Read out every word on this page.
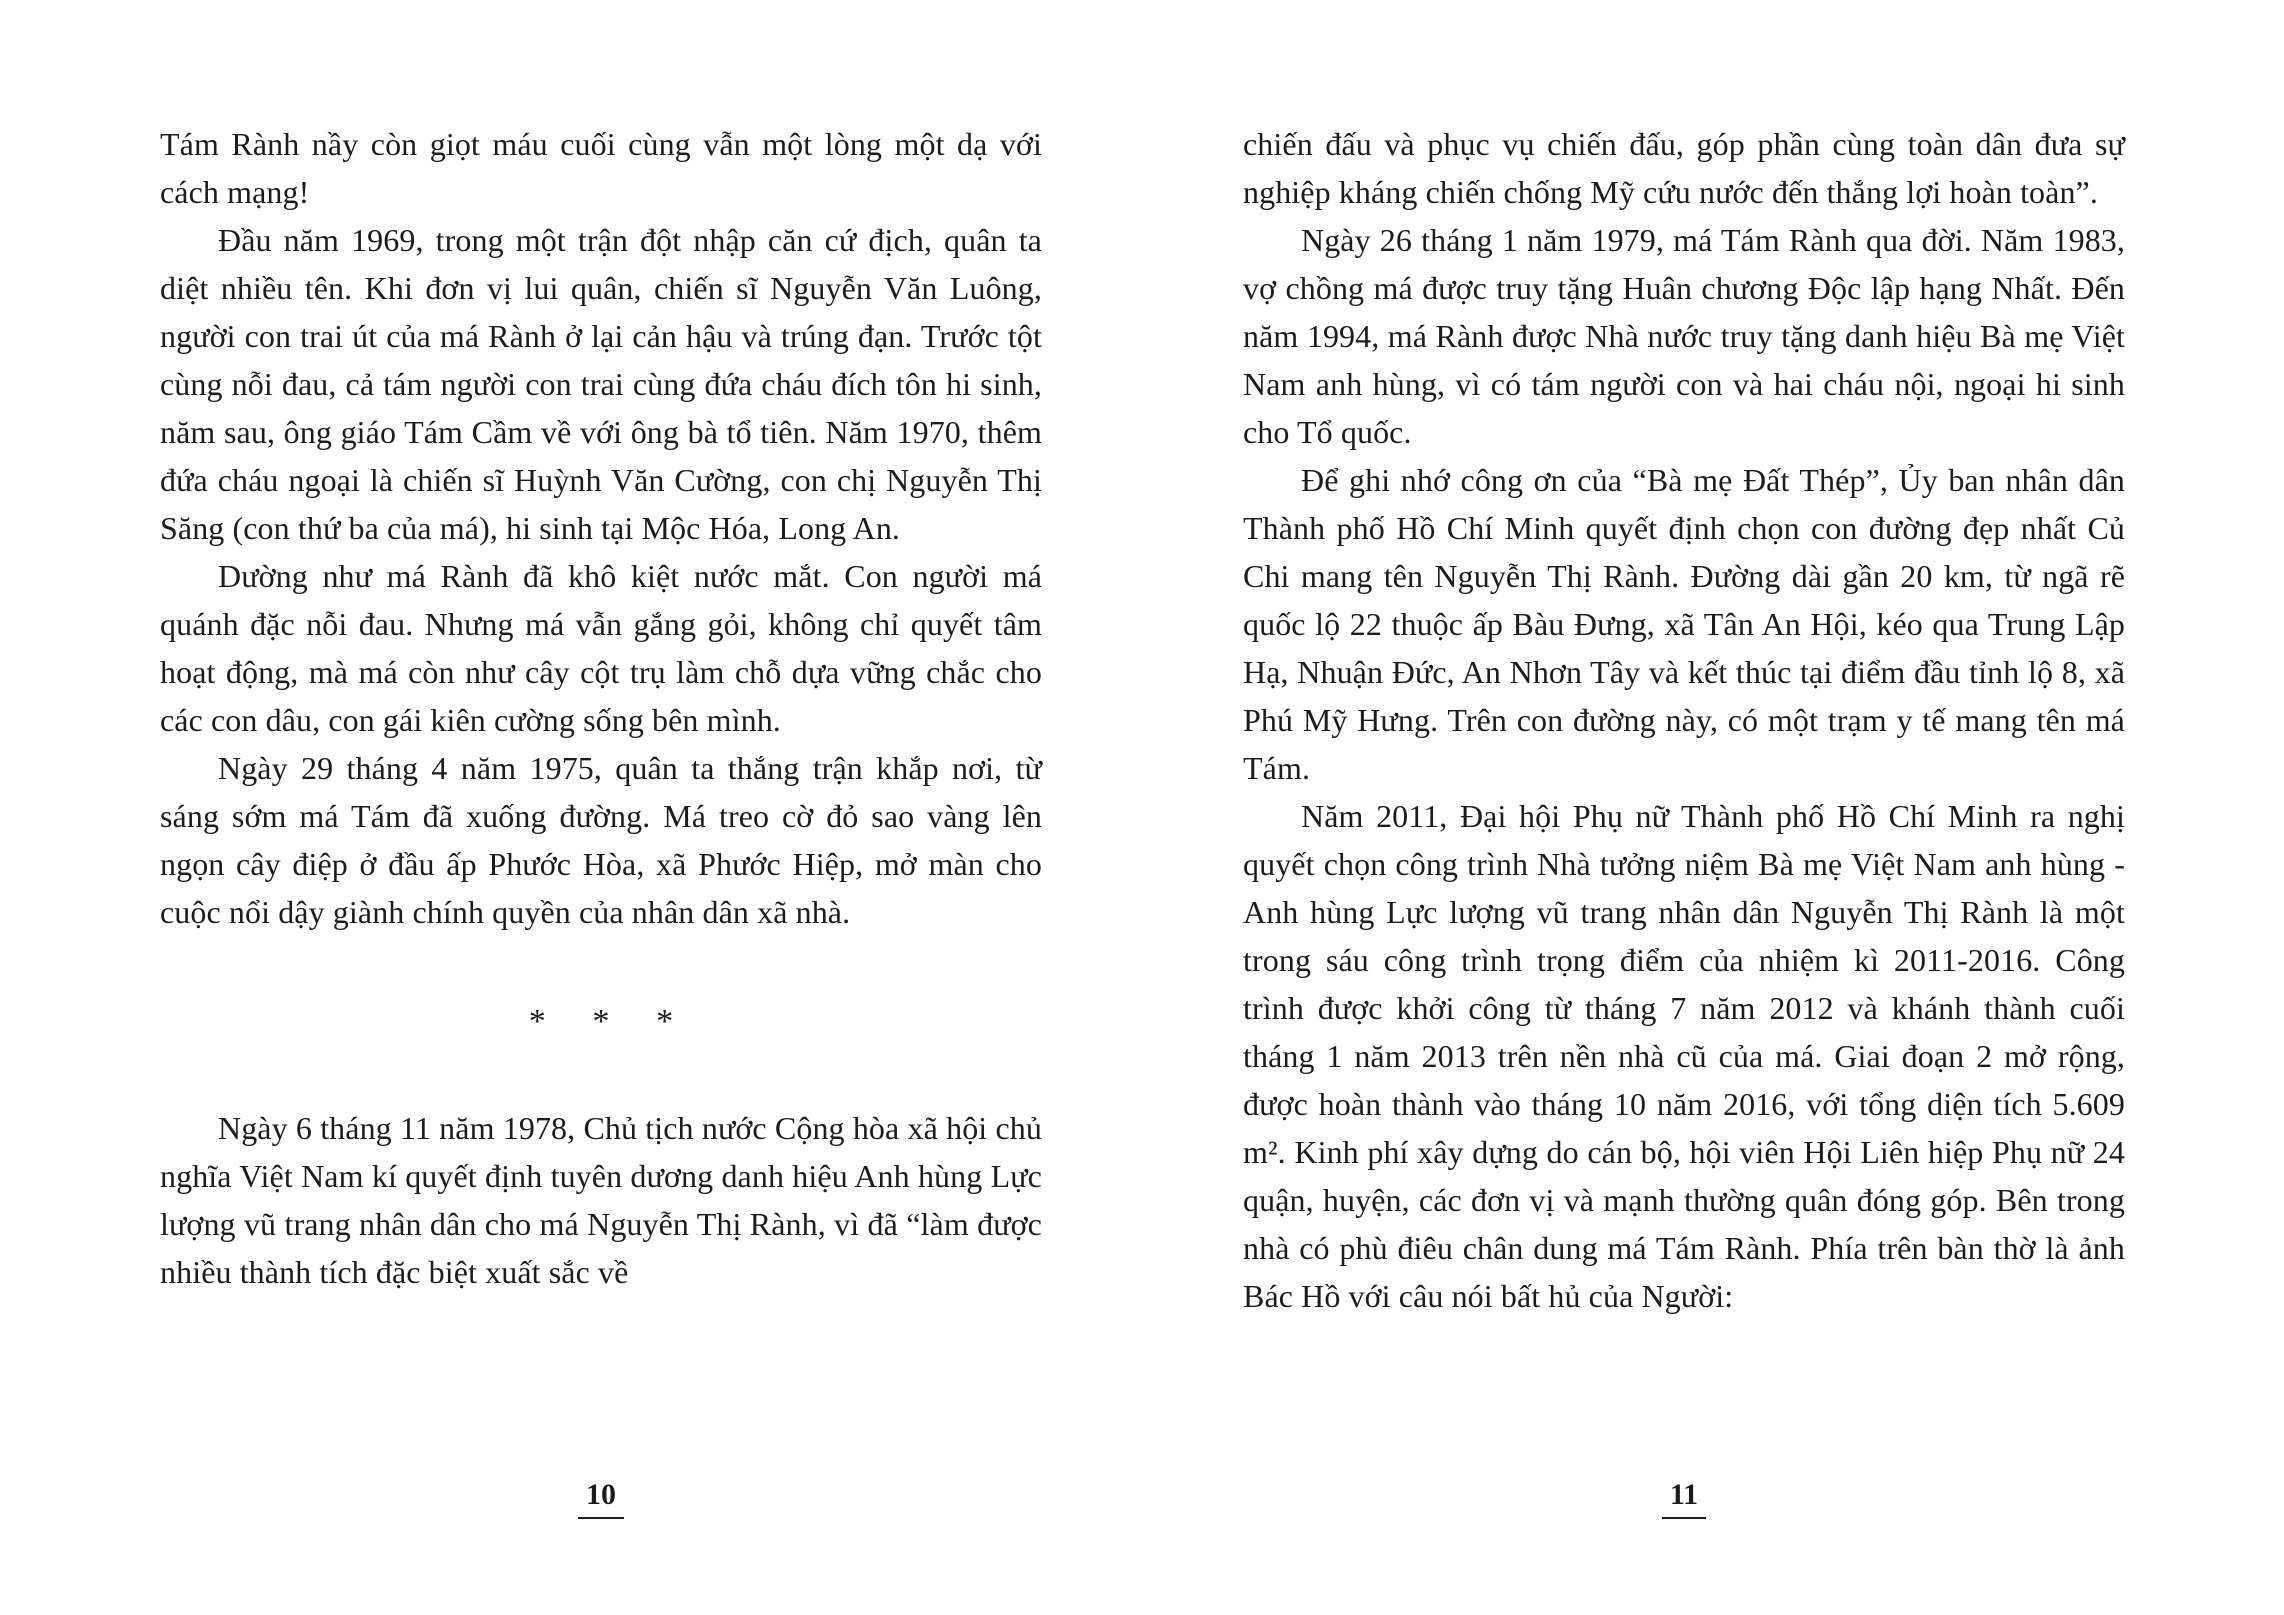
Tám Rành nầy còn giọt máu cuối cùng vẫn một lòng một dạ với cách mạng!

Đầu năm 1969, trong một trận đột nhập căn cứ địch, quân ta diệt nhiều tên. Khi đơn vị lui quân, chiến sĩ Nguyễn Văn Luông, người con trai út của má Rành ở lại cản hậu và trúng đạn. Trước tột cùng nỗi đau, cả tám người con trai cùng đứa cháu đích tôn hi sinh, năm sau, ông giáo Tám Cầm về với ông bà tổ tiên. Năm 1970, thêm đứa cháu ngoại là chiến sĩ Huỳnh Văn Cường, con chị Nguyễn Thị Săng (con thứ ba của má), hi sinh tại Mộc Hóa, Long An.

Dường như má Rành đã khô kiệt nước mắt. Con người má quánh đặc nỗi đau. Nhưng má vẫn gắng gỏi, không chỉ quyết tâm hoạt động, mà má còn như cây cột trụ làm chỗ dựa vững chắc cho các con dâu, con gái kiên cường sống bên mình.

Ngày 29 tháng 4 năm 1975, quân ta thắng trận khắp nơi, từ sáng sớm má Tám đã xuống đường. Má treo cờ đỏ sao vàng lên ngọn cây điệp ở đầu ấp Phước Hòa, xã Phước Hiệp, mở màn cho cuộc nổi dậy giành chính quyền của nhân dân xã nhà.

* * *

Ngày 6 tháng 11 năm 1978, Chủ tịch nước Cộng hòa xã hội chủ nghĩa Việt Nam kí quyết định tuyên dương danh hiệu Anh hùng Lực lượng vũ trang nhân dân cho má Nguyễn Thị Rành, vì đã “làm được nhiều thành tích đặc biệt xuất sắc về

10

chiến đấu và phục vụ chiến đấu, góp phần cùng toàn dân đưa sự nghiệp kháng chiến chống Mỹ cứu nước đến thắng lợi hoàn toàn”.

Ngày 26 tháng 1 năm 1979, má Tám Rành qua đời. Năm 1983, vợ chồng má được truy tặng Huân chương Độc lập hạng Nhất. Đến năm 1994, má Rành được Nhà nước truy tặng danh hiệu Bà mẹ Việt Nam anh hùng, vì có tám người con và hai cháu nội, ngoại hi sinh cho Tổ quốc.

Để ghi nhớ công ơn của “Bà mẹ Đất Thép”, Ủy ban nhân dân Thành phố Hồ Chí Minh quyết định chọn con đường đẹp nhất Củ Chi mang tên Nguyễn Thị Rành. Đường dài gần 20 km, từ ngã rẽ quốc lộ 22 thuộc ấp Bàu Đưng, xã Tân An Hội, kéo qua Trung Lập Hạ, Nhuận Đức, An Nhơn Tây và kết thúc tại điểm đầu tỉnh lộ 8, xã Phú Mỹ Hưng. Trên con đường này, có một trạm y tế mang tên má Tám.

Năm 2011, Đại hội Phụ nữ Thành phố Hồ Chí Minh ra nghị quyết chọn công trình Nhà tưởng niệm Bà mẹ Việt Nam anh hùng - Anh hùng Lực lượng vũ trang nhân dân Nguyễn Thị Rành là một trong sáu công trình trọng điểm của nhiệm kì 2011-2016. Công trình được khởi công từ tháng 7 năm 2012 và khánh thành cuối tháng 1 năm 2013 trên nền nhà cũ của má. Giai đoạn 2 mở rộng, được hoàn thành vào tháng 10 năm 2016, với tổng diện tích 5.609 m². Kinh phí xây dựng do cán bộ, hội viên Hội Liên hiệp Phụ nữ 24 quận, huyện, các đơn vị và mạnh thường quân đóng góp. Bên trong nhà có phù điêu chân dung má Tám Rành. Phía trên bàn thờ là ảnh Bác Hồ với câu nói bất hủ của Người:

11
